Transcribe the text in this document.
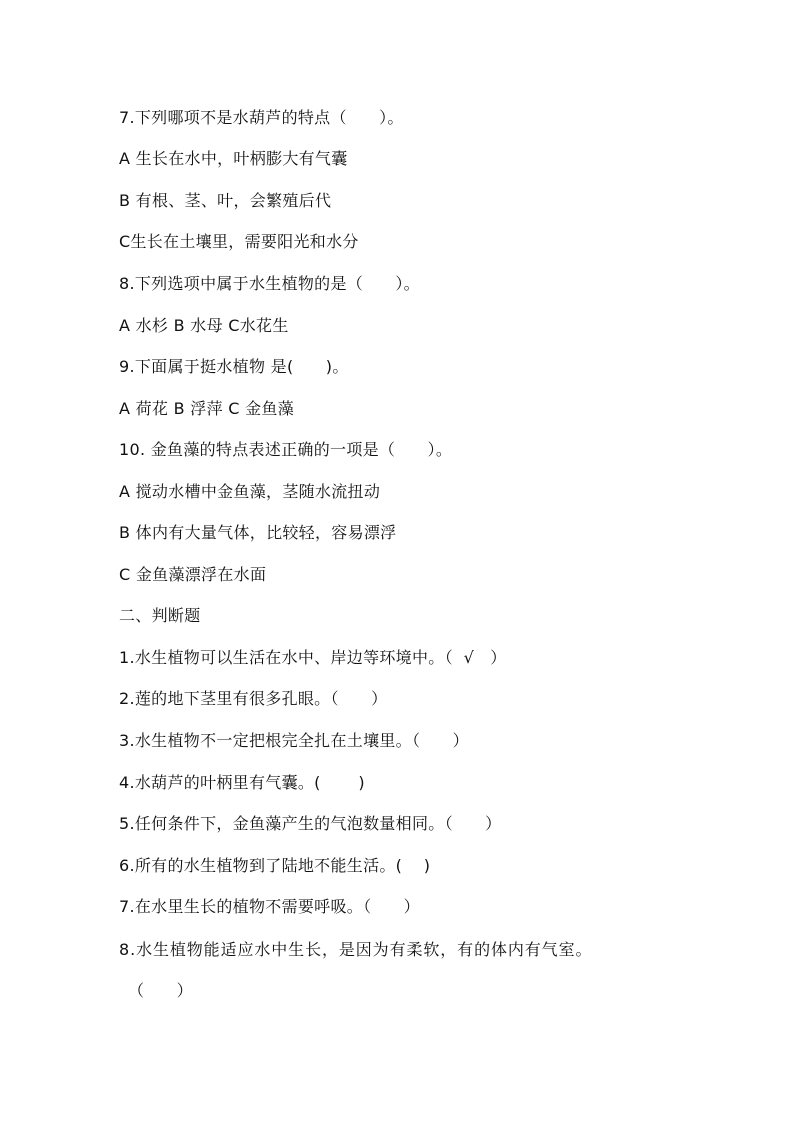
7.下列哪项不是水葫芦的特点（      ）。
A 生长在水中，叶柄膨大有气囊
B 有根、茎、叶，会繁殖后代
C生长在土壤里，需要阳光和水分
8.下列选项中属于水生植物的是（      ）。
A 水杉 B 水母 C水花生
9.下面属于挺水植物 是(      )。
A 荷花 B 浮萍 C 金鱼藻
10. 金鱼藻的特点表述正确的一项是（      ）。
A 搅动水槽中金鱼藻，茎随水流扭动
B 体内有大量气体，比较轻，容易漂浮
C 金鱼藻漂浮在水面
二、判断题
1.水生植物可以生活在水中、岸边等环境中。（  √   ）
2.莲的地下茎里有很多孔眼。（      ）
3.水生植物不一定把根完全扎在土壤里。（      ）
4.水葫芦的叶柄里有气囊。(       )
5.任何条件下，金鱼藻产生的气泡数量相同。（      ）
6.所有的水生植物到了陆地不能生活。(    )
7.在水里生长的植物不需要呼吸。（      ）
8.水生植物能适应水中生长，是因为有柔软，有的体内有气室。
（      ）
